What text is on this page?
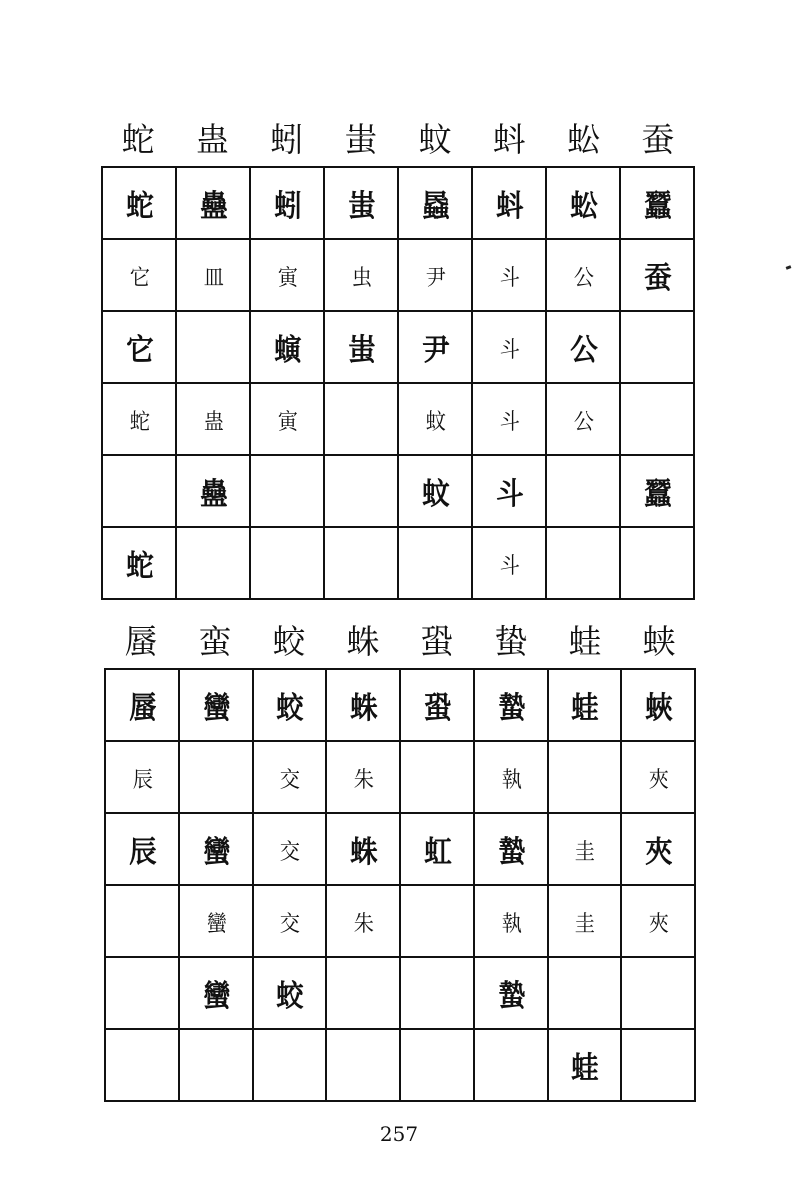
蛇	蛊	蚓	蚩	蚊	蚪	蚣	蚕
蛇	蠱	蚓	蚩	蟁	蚪	蚣	蠶
它	皿	寅	虫	尹	斗	公	蚕
它		螾	蚩	尹	斗	公	
蛇	蛊	寅		蚊	斗	公	
	蠱			蚊	斗		蠶
蛇					斗		
蜃	蛮	蛟	蛛	蛩	蛰	蛙	蛱
蜃	蠻	蛟	蛛	蛩	蟄	蛙	蛺
辰		交	朱		執		夾
辰	蠻	交	蛛	虹	蟄	圭	夾
	蠻	交	朱		執	圭	夾
	蠻	蛟			蟄		
						蛙	
257
